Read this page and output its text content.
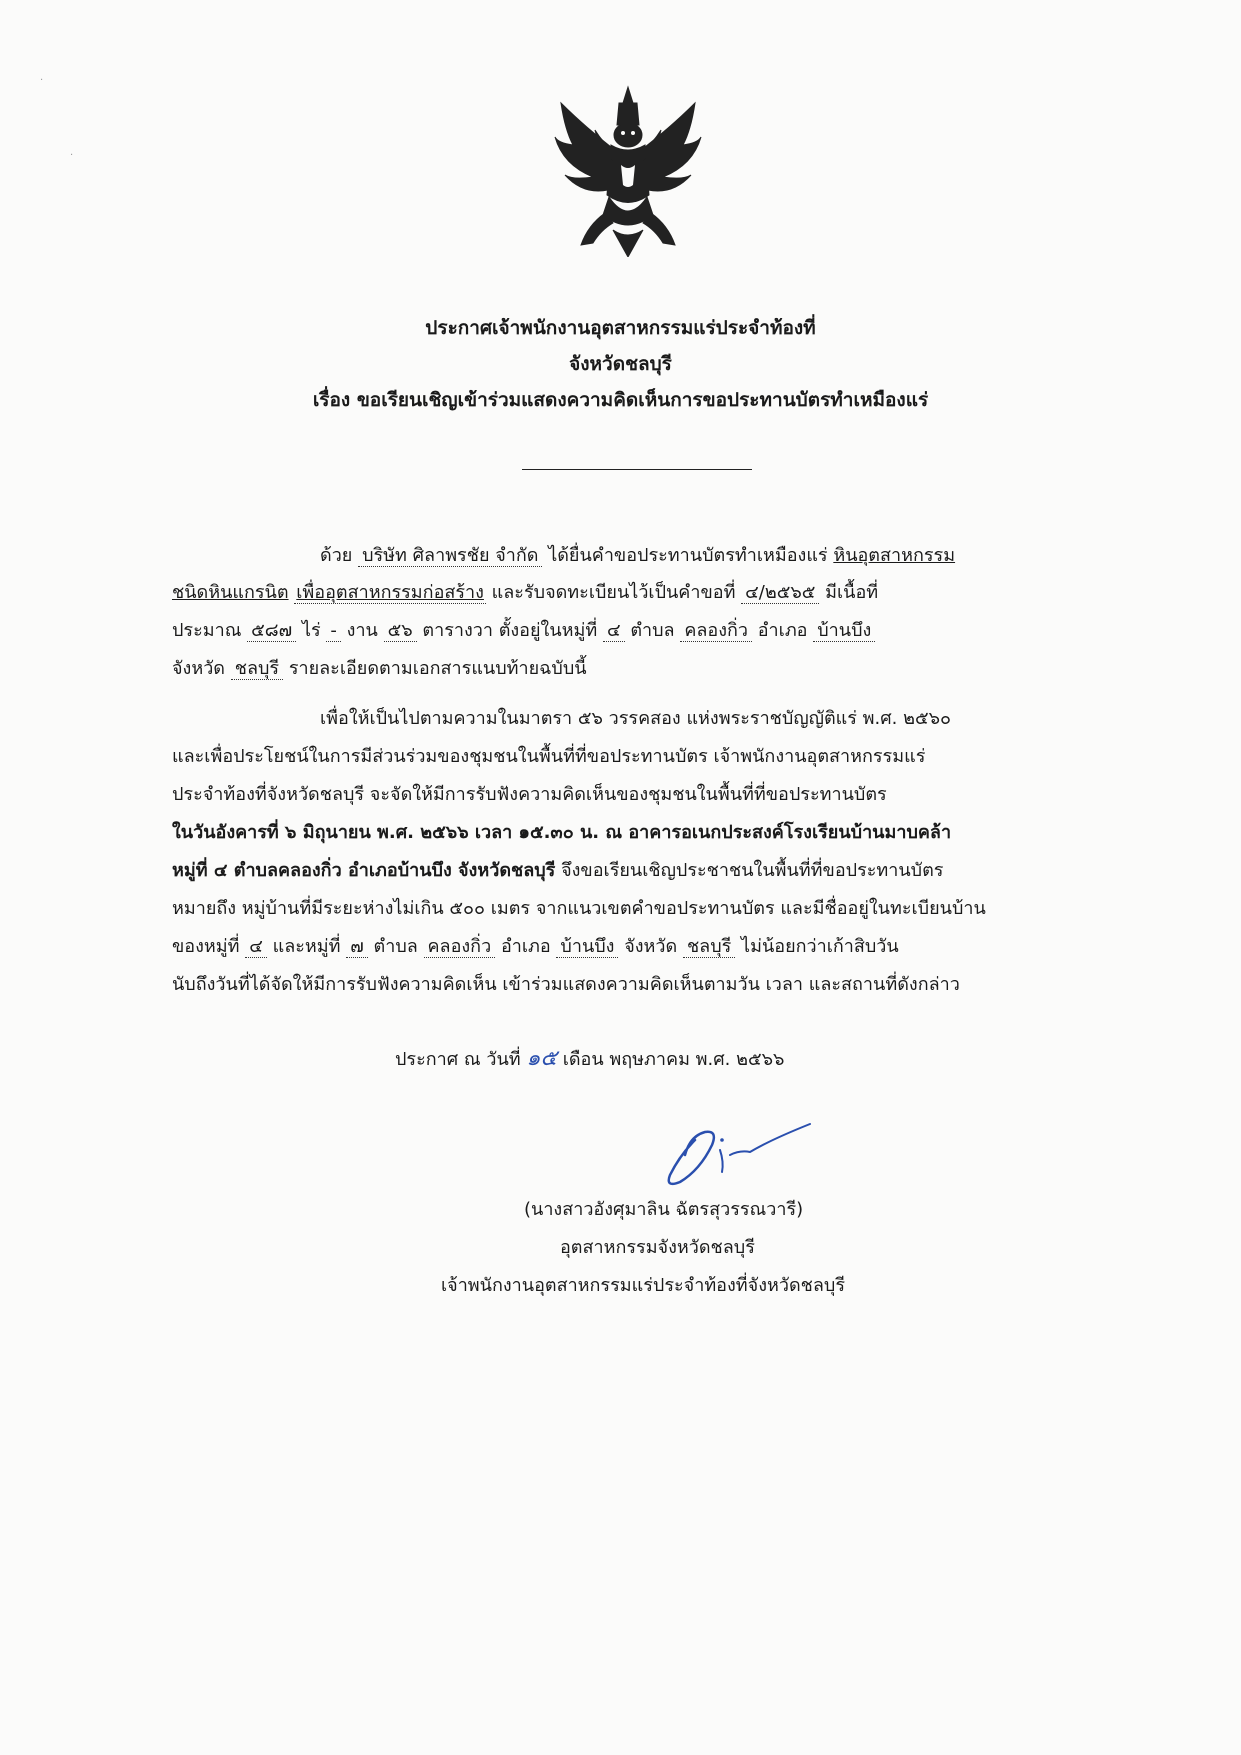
·
·
ประกาศเจ้าพนักงานอุตสาหกรรมแร่ประจำท้องที่
จังหวัดชลบุรี
เรื่อง ขอเรียนเชิญเข้าร่วมแสดงความคิดเห็นการขอประทานบัตรทำเหมืองแร่
ด้วย บริษัท ศิลาพรชัย จำกัด ได้ยื่นคำขอประทานบัตรทำเหมืองแร่ หินอุตสาหกรรม
ชนิดหินแกรนิต เพื่ออุตสาหกรรมก่อสร้าง และรับจดทะเบียนไว้เป็นคำขอที่ ๔/๒๕๖๕ มีเนื้อที่
ประมาณ ๕๘๗ ไร่ - งาน ๕๖ ตารางวา ตั้งอยู่ในหมู่ที่ ๔ ตำบล คลองกิ่ว อำเภอ บ้านบึง
จังหวัด ชลบุรี รายละเอียดตามเอกสารแนบท้ายฉบับนี้
เพื่อให้เป็นไปตามความในมาตรา ๕๖ วรรคสอง แห่งพระราชบัญญัติแร่ พ.ศ. ๒๕๖๐
และเพื่อประโยชน์ในการมีส่วนร่วมของชุมชนในพื้นที่ที่ขอประทานบัตร เจ้าพนักงานอุตสาหกรรมแร่
ประจำท้องที่จังหวัดชลบุรี จะจัดให้มีการรับฟังความคิดเห็นของชุมชนในพื้นที่ที่ขอประทานบัตร
ในวันอังคารที่ ๖ มิถุนายน พ.ศ. ๒๕๖๖ เวลา ๑๕.๓๐ น. ณ อาคารอเนกประสงค์โรงเรียนบ้านมาบคล้า
หมู่ที่ ๔ ตำบลคลองกิ่ว อำเภอบ้านบึง จังหวัดชลบุรี จึงขอเรียนเชิญประชาชนในพื้นที่ที่ขอประทานบัตร
หมายถึง หมู่บ้านที่มีระยะห่างไม่เกิน ๕๐๐ เมตร จากแนวเขตคำขอประทานบัตร และมีชื่ออยู่ในทะเบียนบ้าน
ของหมู่ที่ ๔ และหมู่ที่ ๗ ตำบล คลองกิ่ว อำเภอ บ้านบึง จังหวัด ชลบุรี ไม่น้อยกว่าเก้าสิบวัน
นับถึงวันที่ได้จัดให้มีการรับฟังความคิดเห็น เข้าร่วมแสดงความคิดเห็นตามวัน เวลา และสถานที่ดังกล่าว
ประกาศ ณ วันที่ ๑๕ เดือน พฤษภาคม พ.ศ. ๒๕๖๖
(นางสาวอังศุมาลิน ฉัตรสุวรรณวารี)
อุตสาหกรรมจังหวัดชลบุรี
เจ้าพนักงานอุตสาหกรรมแร่ประจำท้องที่จังหวัดชลบุรี
